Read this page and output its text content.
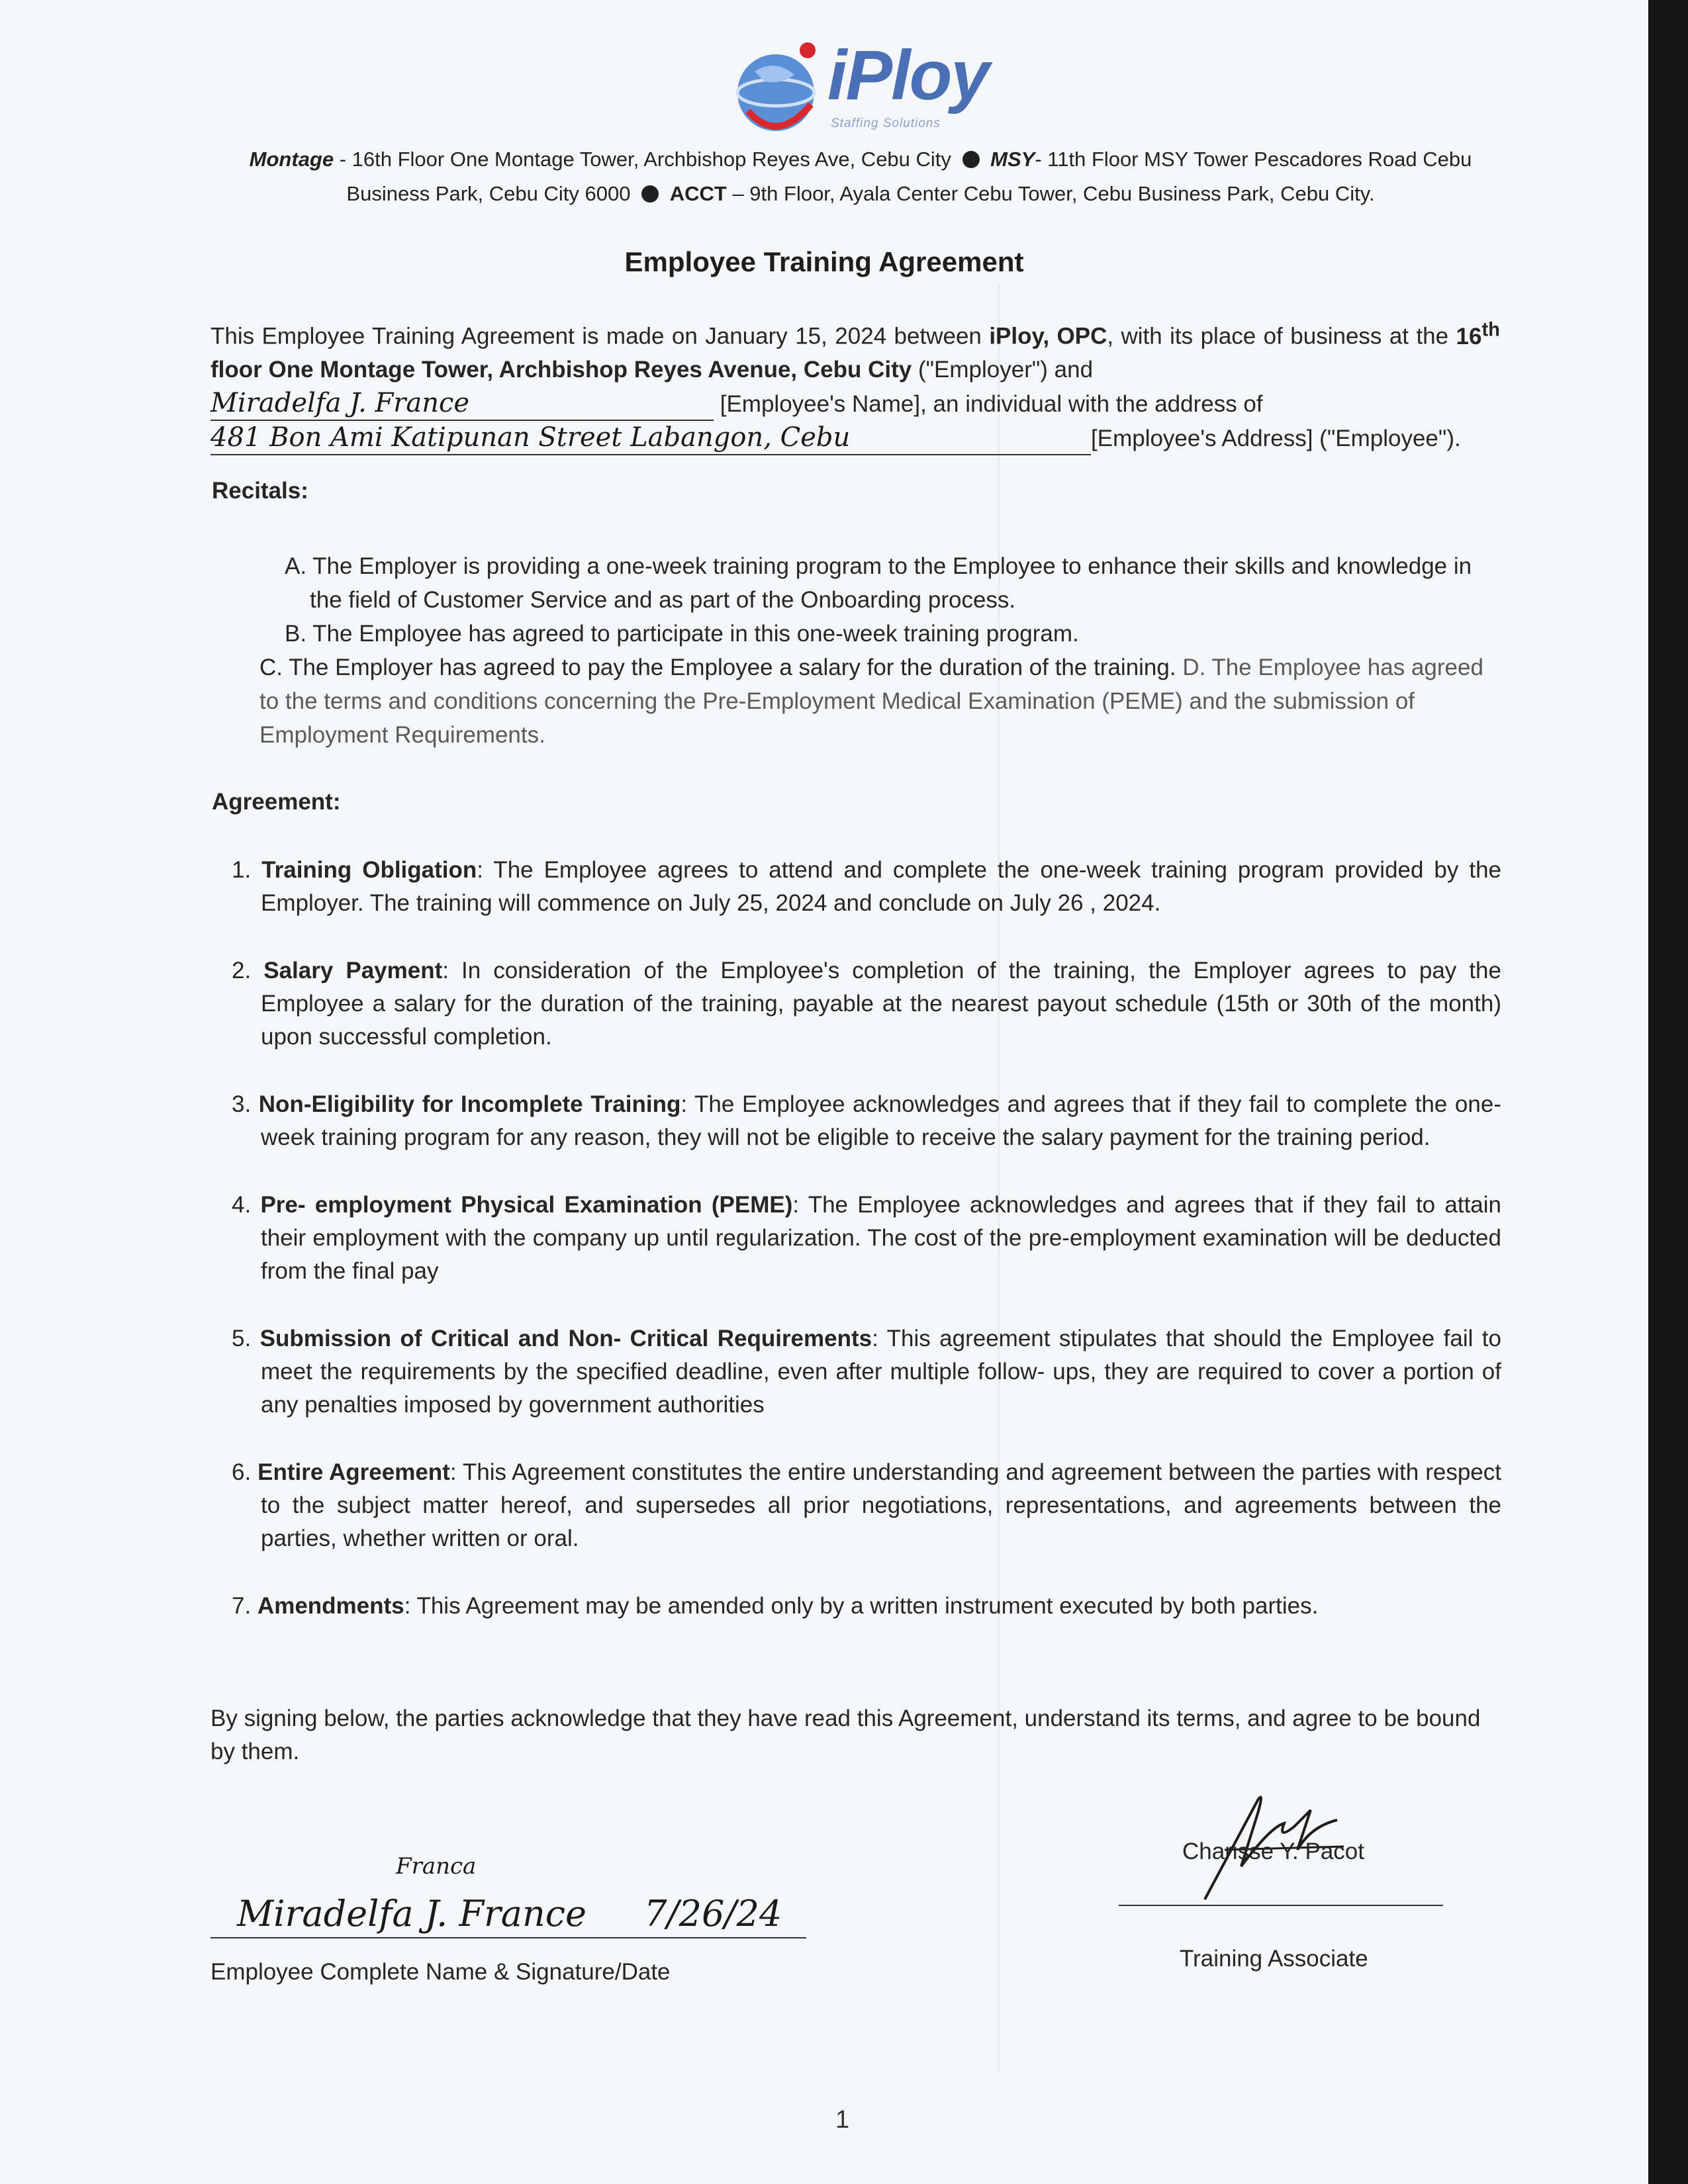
iPloy
Staffing Solutions
Montage - 16th Floor One Montage Tower, Archbishop Reyes Ave, Cebu City MSY- 11th Floor MSY Tower Pescadores Road Cebu Business Park, Cebu City 6000 ACCT – 9th Floor, Ayala Center Cebu Tower, Cebu Business Park, Cebu City.
Employee Training Agreement
This Employee Training Agreement is made on January 15, 2024 between iPloy, OPC, with its place of business at the 16th floor One Montage Tower, Archbishop Reyes Avenue, Cebu City ("Employer") and
Miradelfa J. France	[Employee's Name], an individual with the address of
481 Bon Ami Katipunan Street Labangon, Cebu	[Employee's Address] ("Employee").
Recitals:
A. The Employer is providing a one-week training program to the Employee to enhance their skills and knowledge in the field of Customer Service and as part of the Onboarding process.
B. The Employee has agreed to participate in this one-week training program.
C. The Employer has agreed to pay the Employee a salary for the duration of the training. D. The Employee has agreed to the terms and conditions concerning the Pre-Employment Medical Examination (PEME) and the submission of Employment Requirements.
Agreement:
1. Training Obligation: The Employee agrees to attend and complete the one-week training program provided by the Employer. The training will commence on July 25, 2024 and conclude on July 26 , 2024.
2. Salary Payment: In consideration of the Employee's completion of the training, the Employer agrees to pay the Employee a salary for the duration of the training, payable at the nearest payout schedule (15th or 30th of the month) upon successful completion.
3. Non-Eligibility for Incomplete Training: The Employee acknowledges and agrees that if they fail to complete the one-week training program for any reason, they will not be eligible to receive the salary payment for the training period.
4. Pre- employment Physical Examination (PEME): The Employee acknowledges and agrees that if they fail to attain their employment with the company up until regularization. The cost of the pre-employment examination will be deducted from the final pay
5. Submission of Critical and Non- Critical Requirements: This agreement stipulates that should the Employee fail to meet the requirements by the specified deadline, even after multiple follow- ups, they are required to cover a portion of any penalties imposed by government authorities
6. Entire Agreement: This Agreement constitutes the entire understanding and agreement between the parties with respect to the subject matter hereof, and supersedes all prior negotiations, representations, and agreements between the parties, whether written or oral.
7. Amendments: This Agreement may be amended only by a written instrument executed by both parties.
By signing below, the parties acknowledge that they have read this Agreement, understand its terms, and agree to be bound by them.
Franca
Miradelfa J. France 7/26/24
Employee Complete Name & Signature/Date
Charisse Y. Pacot
Training Associate
1
